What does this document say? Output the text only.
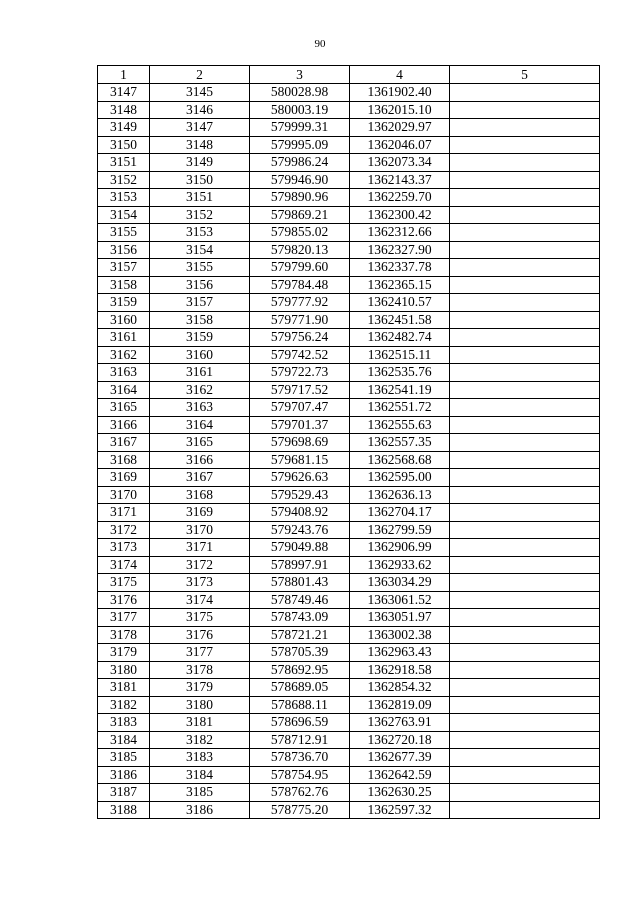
90
1	2	3	4	5
3147	3145	580028.98	1361902.40	
3148	3146	580003.19	1362015.10	
3149	3147	579999.31	1362029.97	
3150	3148	579995.09	1362046.07	
3151	3149	579986.24	1362073.34	
3152	3150	579946.90	1362143.37	
3153	3151	579890.96	1362259.70	
3154	3152	579869.21	1362300.42	
3155	3153	579855.02	1362312.66	
3156	3154	579820.13	1362327.90	
3157	3155	579799.60	1362337.78	
3158	3156	579784.48	1362365.15	
3159	3157	579777.92	1362410.57	
3160	3158	579771.90	1362451.58	
3161	3159	579756.24	1362482.74	
3162	3160	579742.52	1362515.11	
3163	3161	579722.73	1362535.76	
3164	3162	579717.52	1362541.19	
3165	3163	579707.47	1362551.72	
3166	3164	579701.37	1362555.63	
3167	3165	579698.69	1362557.35	
3168	3166	579681.15	1362568.68	
3169	3167	579626.63	1362595.00	
3170	3168	579529.43	1362636.13	
3171	3169	579408.92	1362704.17	
3172	3170	579243.76	1362799.59	
3173	3171	579049.88	1362906.99	
3174	3172	578997.91	1362933.62	
3175	3173	578801.43	1363034.29	
3176	3174	578749.46	1363061.52	
3177	3175	578743.09	1363051.97	
3178	3176	578721.21	1363002.38	
3179	3177	578705.39	1362963.43	
3180	3178	578692.95	1362918.58	
3181	3179	578689.05	1362854.32	
3182	3180	578688.11	1362819.09	
3183	3181	578696.59	1362763.91	
3184	3182	578712.91	1362720.18	
3185	3183	578736.70	1362677.39	
3186	3184	578754.95	1362642.59	
3187	3185	578762.76	1362630.25	
3188	3186	578775.20	1362597.32	
